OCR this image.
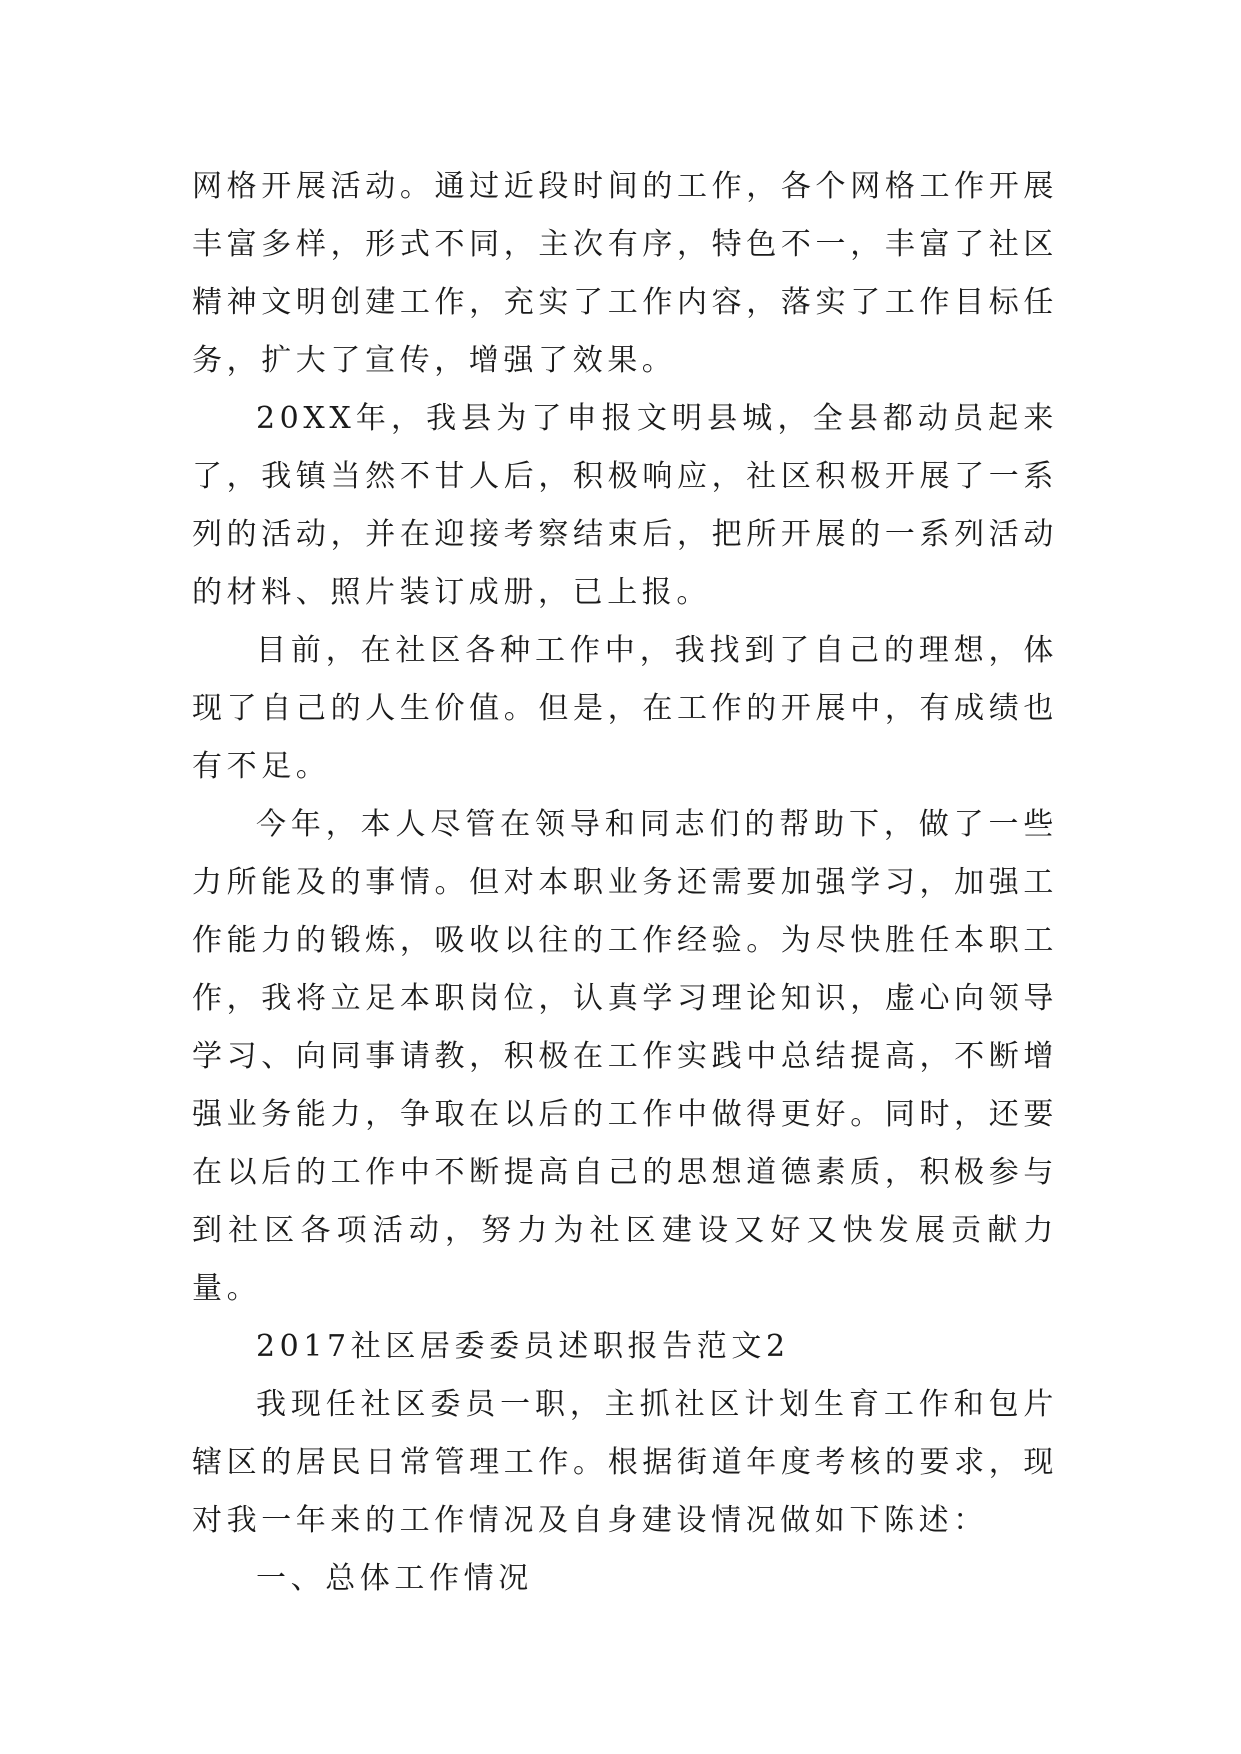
网格开展活动。通过近段时间的工作，各个网格工作开展丰富多样，形式不同，主次有序，特色不一，丰富了社区精神文明创建工作，充实了工作内容，落实了工作目标任务，扩大了宣传，增强了效果。

20XX年，我县为了申报文明县城，全县都动员起来了，我镇当然不甘人后，积极响应，社区积极开展了一系列的活动，并在迎接考察结束后，把所开展的一系列活动的材料、照片装订成册，已上报。

目前，在社区各种工作中，我找到了自己的理想，体现了自己的人生价值。但是，在工作的开展中，有成绩也有不足。

今年，本人尽管在领导和同志们的帮助下，做了一些力所能及的事情。但对本职业务还需要加强学习，加强工作能力的锻炼，吸收以往的工作经验。为尽快胜任本职工作，我将立足本职岗位，认真学习理论知识，虚心向领导学习、向同事请教，积极在工作实践中总结提高，不断增强业务能力，争取在以后的工作中做得更好。同时，还要在以后的工作中不断提高自己的思想道德素质，积极参与到社区各项活动，努力为社区建设又好又快发展贡献力量。

2017社区居委委员述职报告范文2

我现任社区委员一职，主抓社区计划生育工作和包片辖区的居民日常管理工作。根据街道年度考核的要求，现对我一年来的工作情况及自身建设情况做如下陈述：

一、总体工作情况
